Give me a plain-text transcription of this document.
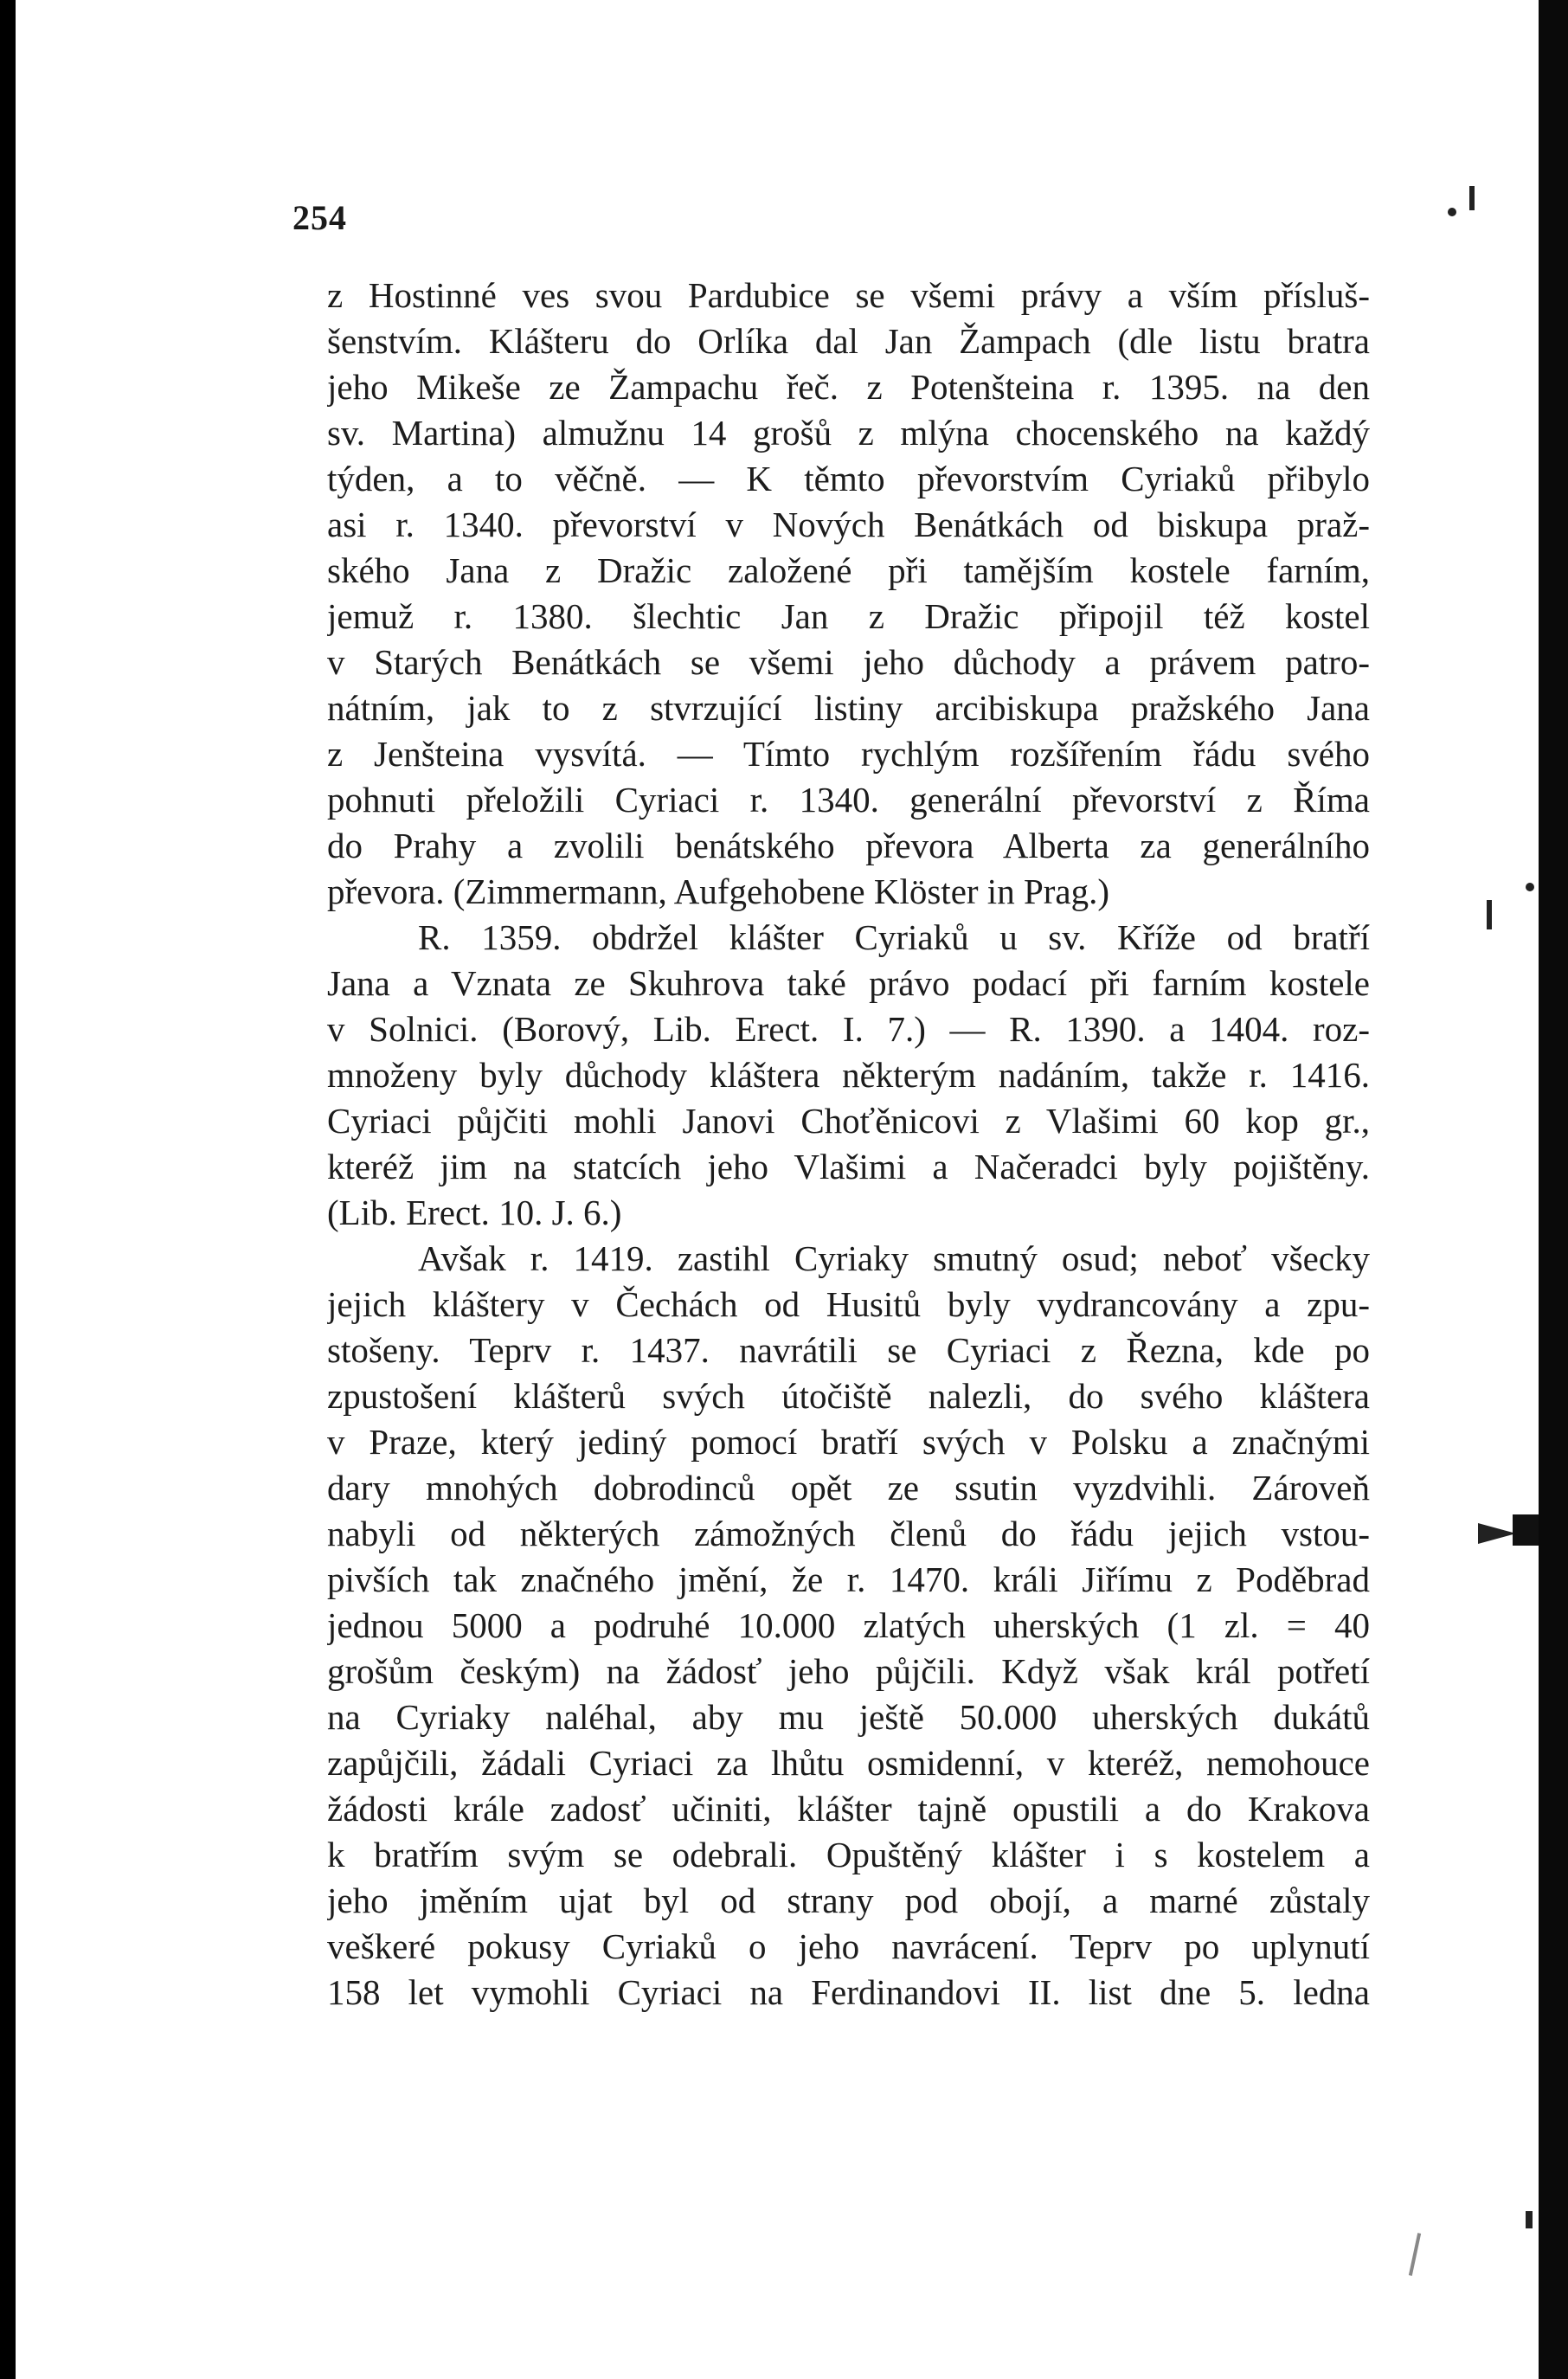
254
z Hostinné ves svou Pardubice se všemi právy a vším přísluš-
šenstvím. Klášteru do Orlíka dal Jan Žampach (dle listu bratra
jeho Mikeše ze Žampachu řeč. z Potenšteina r. 1395. na den
sv. Martina) almužnu 14 grošů z mlýna chocenského na každý
týden, a to věčně. — K těmto převorstvím Cyriaků přibylo
asi r. 1340. převorství v Nových Benátkách od biskupa praž-
ského Jana z Dražic založené při tamějším kostele farním,
jemuž r. 1380. šlechtic Jan z Dražic připojil též kostel
v Starých Benátkách se všemi jeho důchody a právem patro-
nátním, jak to z stvrzující listiny arcibiskupa pražského Jana
z Jenšteina vysvítá. — Tímto rychlým rozšířením řádu svého
pohnuti přeložili Cyriaci r. 1340. generální převorství z Říma
do Prahy a zvolili benátského převora Alberta za generálního
převora. (Zimmermann, Aufgehobene Klöster in Prag.)
R. 1359. obdržel klášter Cyriaků u sv. Kříže od bratří
Jana a Vznata ze Skuhrova také právo podací při farním kostele
v Solnici. (Borový, Lib. Erect. I. 7.) — R. 1390. a 1404. roz-
množeny byly důchody kláštera některým nadáním, takže r. 1416.
Cyriaci půjčiti mohli Janovi Choťěnicovi z Vlašimi 60 kop gr.,
kteréž jim na statcích jeho Vlašimi a Načeradci byly pojištěny.
(Lib. Erect. 10. J. 6.)
Avšak r. 1419. zastihl Cyriaky smutný osud; neboť všecky
jejich kláštery v Čechách od Husitů byly vydrancovány a zpu-
stošeny. Teprv r. 1437. navrátili se Cyriaci z Řezna, kde po
zpustošení klášterů svých útočiště nalezli, do svého kláštera
v Praze, který jediný pomocí bratří svých v Polsku a značnými
dary mnohých dobrodinců opět ze ssutin vyzdvihli. Zároveň
nabyli od některých zámožných členů do řádu jejich vstou-
pivších tak značného jmění, že r. 1470. králi Jiřímu z Poděbrad
jednou 5000 a podruhé 10.000 zlatých uherských (1 zl. = 40
grošům českým) na žádosť jeho půjčili. Když však král potřetí
na Cyriaky naléhal, aby mu ještě 50.000 uherských dukátů
zapůjčili, žádali Cyriaci za lhůtu osmidenní, v kteréž, nemohouce
žádosti krále zadosť učiniti, klášter tajně opustili a do Krakova
k bratřím svým se odebrali. Opuštěný klášter i s kostelem a
jeho jměním ujat byl od strany pod obojí, a marné zůstaly
veškeré pokusy Cyriaků o jeho navrácení. Teprv po uplynutí
158 let vymohli Cyriaci na Ferdinandovi II. list dne 5. ledna
